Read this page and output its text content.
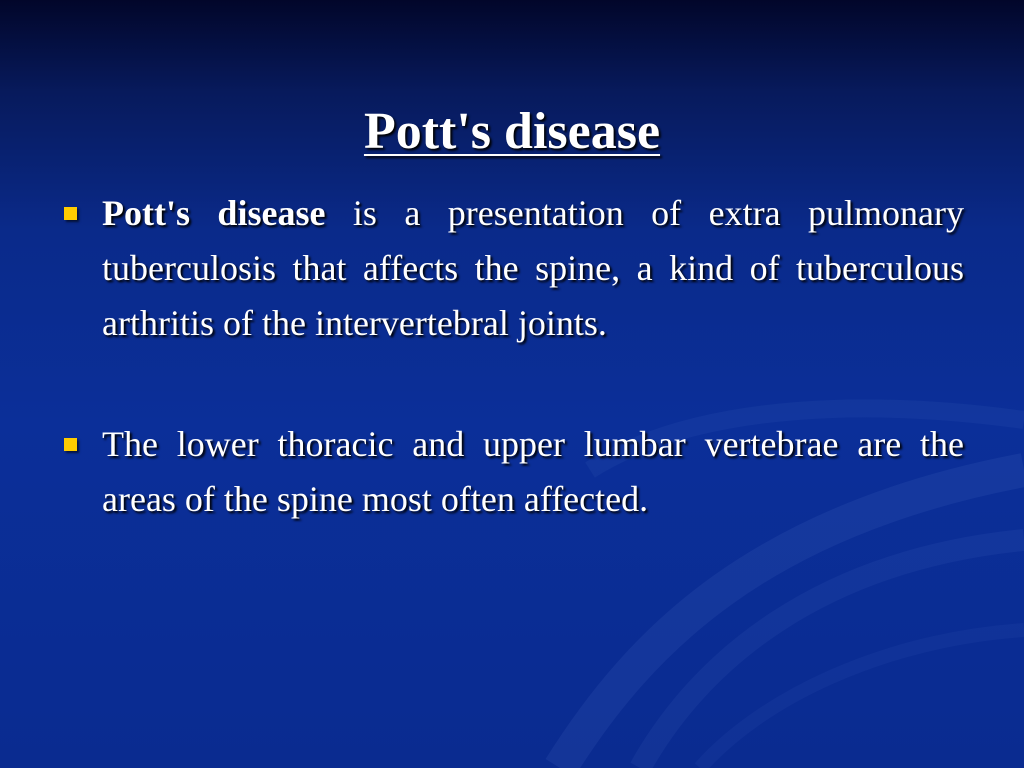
Pott's disease
Pott's disease is a presentation of extra pulmonary tuberculosis that affects the spine, a kind of tuberculous arthritis of the intervertebral joints.
The lower thoracic and upper lumbar vertebrae are the areas of the spine most often affected.
